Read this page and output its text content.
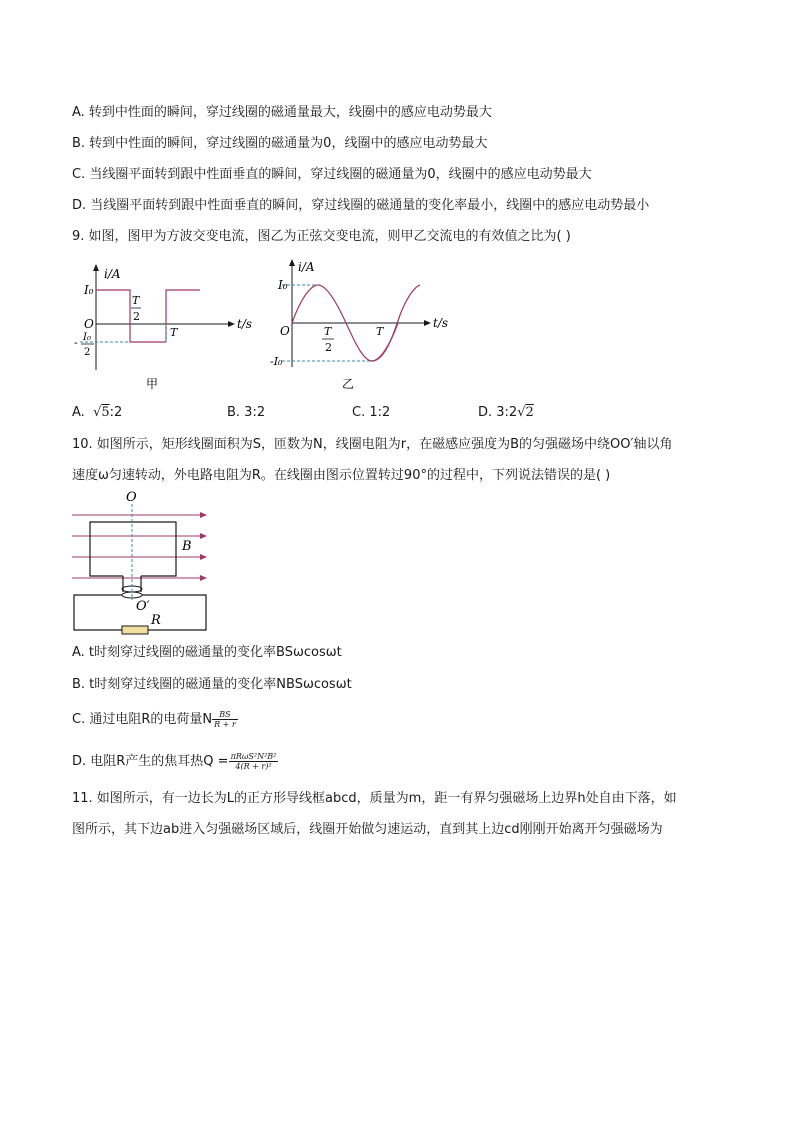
A. 转到中性面的瞬间，穿过线圈的磁通量最大，线圈中的感应电动势最大
B. 转到中性面的瞬间，穿过线圈的磁通量为0，线圈中的感应电动势最大
C. 当线圈平面转到跟中性面垂直的瞬间，穿过线圈的磁通量为0，线圈中的感应电动势最大
D. 当线圈平面转到跟中性面垂直的瞬间，穿过线圈的磁通量的变化率最小，线圈中的感应电动势最小
9. 如图，图甲为方波交变电流，图乙为正弦交变电流，则甲乙交流电的有效值之比为( )
i/A
I₀
O
T
2
T
- I₀
2
t/s
甲
i/A
I₀
O	T
2
T
-I₀
t/s
乙
A.  √5:2	B. 3:2	C. 1:2	D. 3:2√2
10. 如图所示，矩形线圈面积为S，匝数为N，线圈电阻为r，在磁感应强度为B的匀强磁场中绕OO′轴以角
速度ω匀速转动，外电路电阻为R。在线圈由图示位置转过90°的过程中，下列说法错误的是( )
O
B
O′
R
A. t时刻穿过线圈的磁通量的变化率BSωcosωt
B. t时刻穿过线圈的磁通量的变化率NBSωcosωt
C. 通过电阻R的电荷量N $\frac{BS}{R + r}$
D. 电阻R产生的焦耳热$Q = \frac{\text{πRωS²N²B²}}{\text{4(R + r)²}}$
11. 如图所示，有一边长为L的正方形导线框abcd，质量为m，距一有界匀强磁场上边界h处自由下落，如
图所示，其下边ab进入匀强磁场区域后，线圈开始做匀速运动，直到其上边cd刚刚开始离开匀强磁场为
